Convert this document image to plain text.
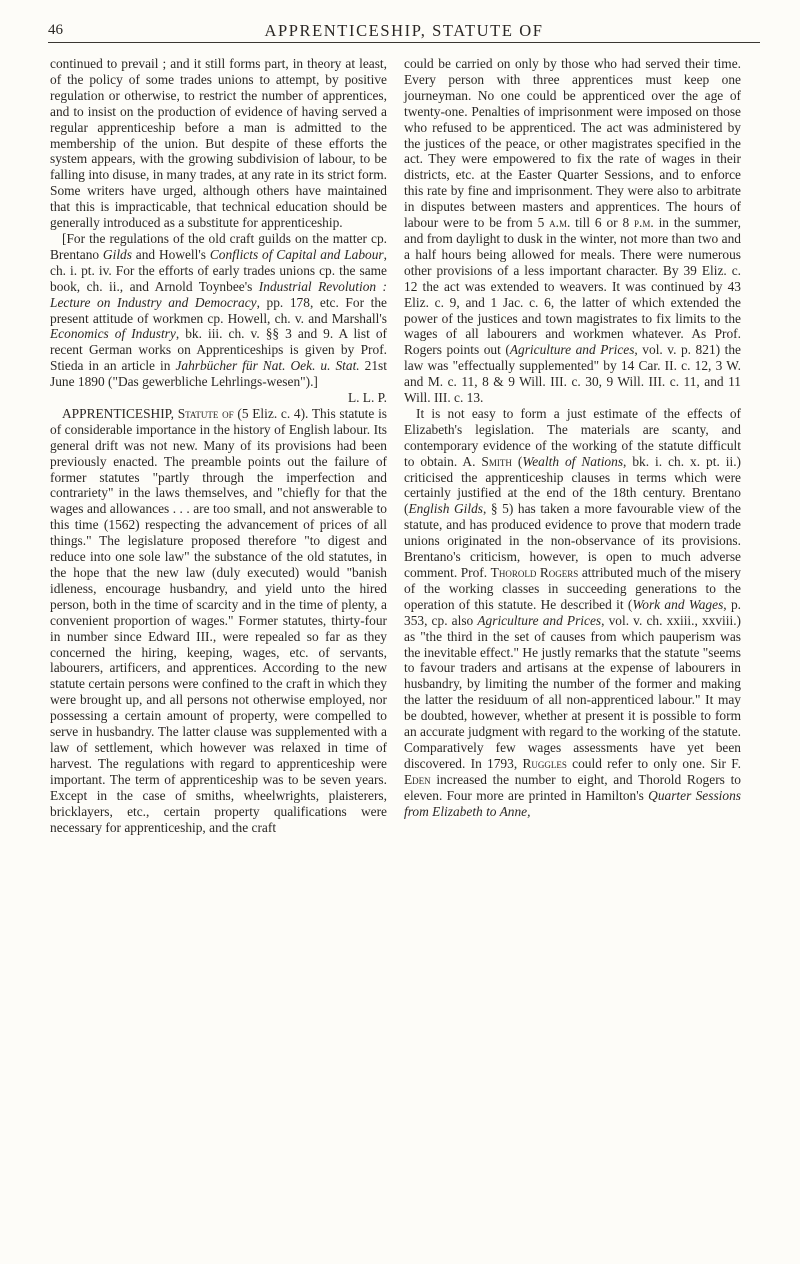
46	APPRENTICESHIP, STATUTE OF

continued to prevail ; and it still forms part, in theory at least, of the policy of some trades unions to attempt, by positive regulation or otherwise, to restrict the number of apprentices, and to insist on the production of evidence of having served a regular apprenticeship before a man is admitted to the membership of the union. But despite of these efforts the system appears, with the growing subdivision of labour, to be falling into disuse, in many trades, at any rate in its strict form. Some writers have urged, although others have maintained that this is impracticable, that technical education should be generally introduced as a substitute for apprenticeship.

[For the regulations of the old craft guilds on the matter cp. Brentano Gilds and Howell's Conflicts of Capital and Labour, ch. i. pt. iv. For the efforts of early trades unions cp. the same book, ch. ii., and Arnold Toynbee's Industrial Revolution : Lecture on Industry and Democracy, pp. 178, etc. For the present attitude of workmen cp. Howell, ch. v. and Marshall's Economics of Industry, bk. iii. ch. v. §§ 3 and 9. A list of recent German works on Apprenticeships is given by Prof. Stieda in an article in Jahrbücher für Nat. Oek. u. Stat. 21st June 1890 ("Das gewerbliche Lehrlings-wesen").]
L. L. P.

APPRENTICESHIP, Statute of (5 Eliz. c. 4). This statute is of considerable importance in the history of English labour. Its general drift was not new. Many of its provisions had been previously enacted. The preamble points out the failure of former statutes "partly through the imperfection and contrariety" in the laws themselves, and "chiefly for that the wages and allowances . . . are too small, and not answerable to this time (1562) respecting the advancement of prices of all things." The legislature proposed therefore "to digest and reduce into one sole law" the substance of the old statutes, in the hope that the new law (duly executed) would "banish idleness, encourage husbandry, and yield unto the hired person, both in the time of scarcity and in the time of plenty, a convenient proportion of wages." Former statutes, thirty-four in number since Edward III., were repealed so far as they concerned the hiring, keeping, wages, etc. of servants, labourers, artificers, and apprentices. According to the new statute certain persons were confined to the craft in which they were brought up, and all persons not otherwise employed, nor possessing a certain amount of property, were compelled to serve in husbandry. The latter clause was supplemented with a law of settlement, which however was relaxed in time of harvest. The regulations with regard to apprenticeship were important. The term of apprenticeship was to be seven years. Except in the case of smiths, wheelwrights, plaisterers, bricklayers, etc., certain property qualifications were necessary for apprenticeship, and the craft

could be carried on only by those who had served their time. Every person with three apprentices must keep one journeyman. No one could be apprenticed over the age of twenty-one. Penalties of imprisonment were imposed on those who refused to be apprenticed. The act was administered by the justices of the peace, or other magistrates specified in the act. They were empowered to fix the rate of wages in their districts, etc. at the Easter Quarter Sessions, and to enforce this rate by fine and imprisonment. They were also to arbitrate in disputes between masters and apprentices. The hours of labour were to be from 5 a.m. till 6 or 8 p.m. in the summer, and from daylight to dusk in the winter, not more than two and a half hours being allowed for meals. There were numerous other provisions of a less important character. By 39 Eliz. c. 12 the act was extended to weavers. It was continued by 43 Eliz. c. 9, and 1 Jac. c. 6, the latter of which extended the power of the justices and town magistrates to fix limits to the wages of all labourers and workmen whatever. As Prof. Rogers points out (Agriculture and Prices, vol. v. p. 821) the law was "effectually supplemented" by 14 Car. II. c. 12, 3 W. and M. c. 11, 8 & 9 Will. III. c. 30, 9 Will. III. c. 11, and 11 Will. III. c. 13.

It is not easy to form a just estimate of the effects of Elizabeth's legislation. The materials are scanty, and contemporary evidence of the working of the statute difficult to obtain. A. Smith (Wealth of Nations, bk. i. ch. x. pt. ii.) criticised the apprenticeship clauses in terms which were certainly justified at the end of the 18th century. Brentano (English Gilds, § 5) has taken a more favourable view of the statute, and has produced evidence to prove that modern trade unions originated in the non-observance of its provisions. Brentano's criticism, however, is open to much adverse comment. Prof. Thorold Rogers attributed much of the misery of the working classes in succeeding generations to the operation of this statute. He described it (Work and Wages, p. 353, cp. also Agriculture and Prices, vol. v. ch. xxiii., xxviii.) as "the third in the set of causes from which pauperism was the inevitable effect." He justly remarks that the statute "seems to favour traders and artisans at the expense of labourers in husbandry, by limiting the number of the former and making the latter the residuum of all non-apprenticed labour." It may be doubted, however, whether at present it is possible to form an accurate judgment with regard to the working of the statute. Comparatively few wages assessments have yet been discovered. In 1793, Ruggles could refer to only one. Sir F. Eden increased the number to eight, and Thorold Rogers to eleven. Four more are printed in Hamilton's Quarter Sessions from Elizabeth to Anne,
